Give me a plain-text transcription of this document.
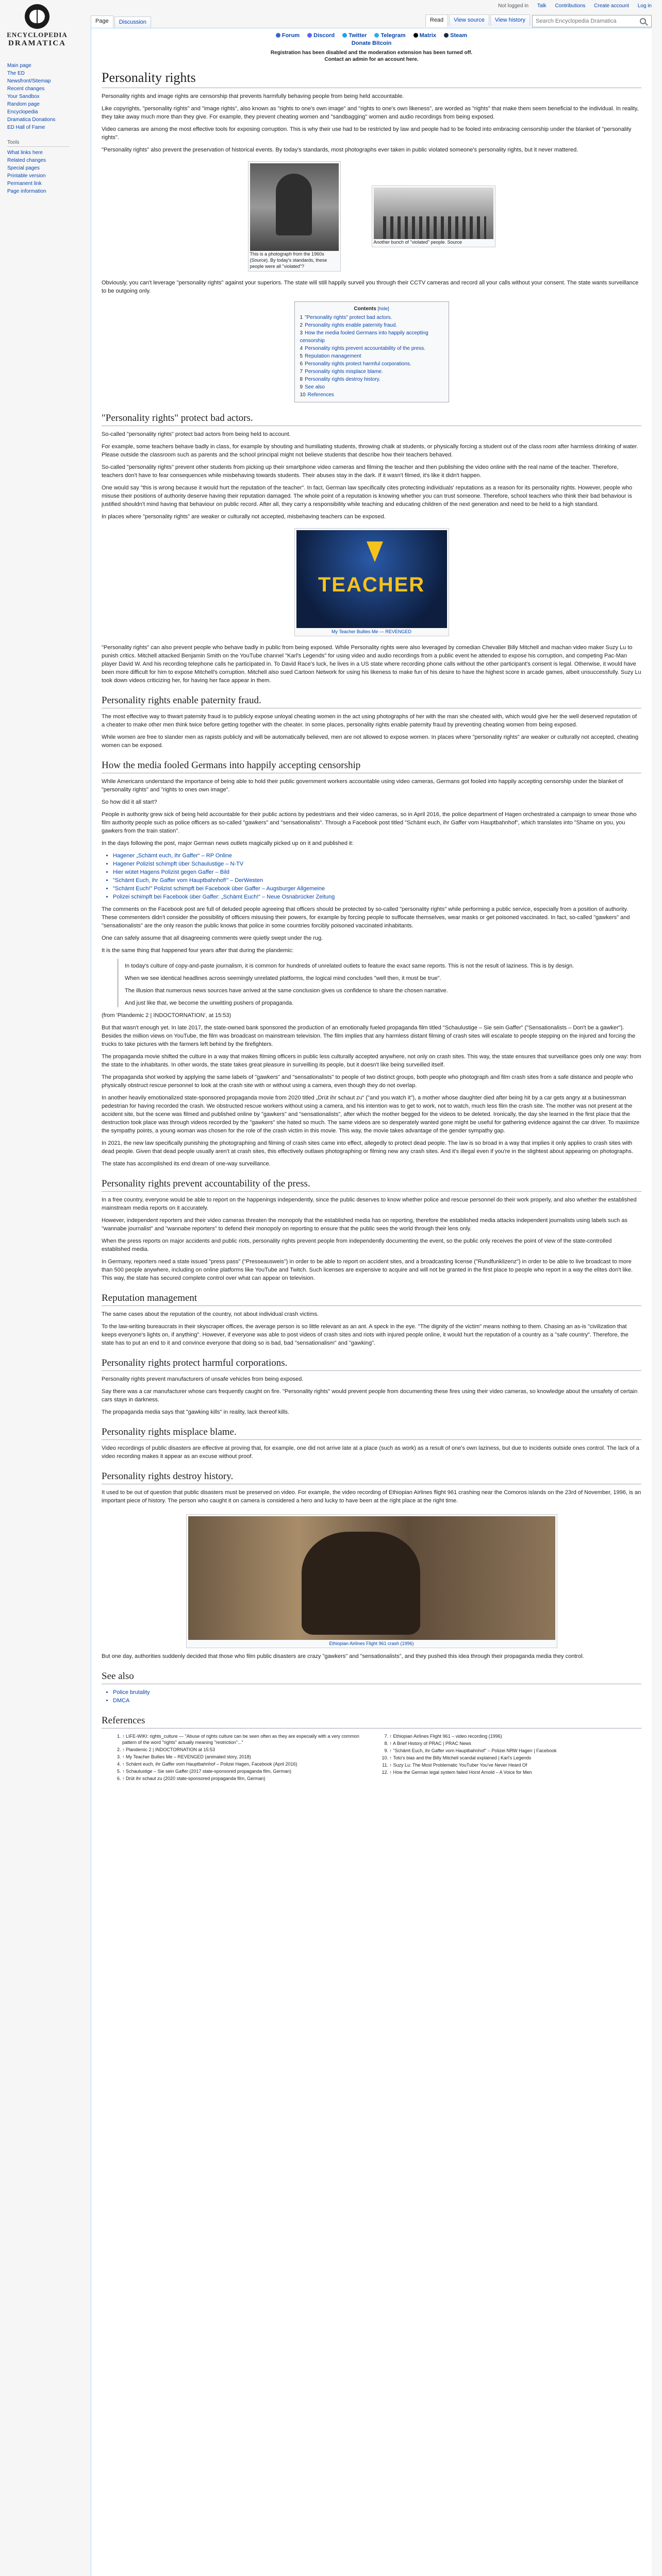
ENCYCLOPEDIA
DRAMATICA
Not logged in Talk Contributions Create account Log in
Page	Discussion	Read	View source	View history
Search Encyclopedia Dramatica
Main page
The ED
Newsfront/Sitemap
Recent changes
Your Sandbox
Random page
Encyclopedia
Dramatica Donations
ED Hall of Fame
Tools
What links here
Related changes
Special pages
Printable version
Permanent link
Page information
Forum Discord Twitter Telegram Matrix Steam
Donate Bitcoin
Registration has been disabled and the moderation extension has been turned off.
Contact an admin for an account here.
Personality rights

Personality rights and image rights are censorship that prevents harmfully behaving people from being held accountable.

Like copyrights, "personality rights" and "image rights", also known as "rights to one's own image" and "rights to one's own likeness", are worded as "rights" that make them seem beneficial to the individual. In reality, they take away much more than they give. For example, they prevent cheating women and "sandbagging" women and audio recordings from being exposed.

Video cameras are among the most effective tools for exposing corruption. This is why their use had to be restricted by law and people had to be fooled into embracing censorship under the blanket of "personality rights".

"Personality rights" also prevent the preservation of historical events. By today's standards, most photographs ever taken in public violated someone's personality rights, but it never mattered.

This is a photograph from the 1960s (Source). By today's standards, these people were all "violated"?
Another bunch of "violated" people. Source

Obviously, you can't leverage "personality rights" against your superiors. The state will still happily surveil you through their CCTV cameras and record all your calls without your consent. The state wants surveillance to be outgoing only.

Contents [hide]
1 "Personality rights" protect bad actors.
2 Personality rights enable paternity fraud.
3 How the media fooled Germans into happily accepting censorship
4 Personality rights prevent accountability of the press.
5 Reputation management
6 Personality rights protect harmful corporations.
7 Personality rights misplace blame.
8 Personality rights destroy history.
9 See also
10 References
"Personality rights" protect bad actors.

So-called "personality rights" protect bad actors from being held to account.

For example, some teachers behave badly in class, for example by shouting and humiliating students, throwing chalk at students, or physically forcing a student out of the class room after harmless drinking of water. Please outside the classroom such as parents and the school principal might not believe students that describe how their teachers behaved.

So-called "personality rights" prevent other students from picking up their smartphone video cameras and filming the teacher and then publishing the video online with the real name of the teacher. Therefore, teachers don't have to fear consequences while misbehaving towards students. Their abuses stay in the dark. If it wasn't filmed, it's like it didn't happen.

One would say "this is wrong because it would hurt the reputation of the teacher". In fact, German law specifically cites protecting individuals' reputations as a reason for its personality rights. However, people who misuse their positions of authority deserve having their reputation damaged. The whole point of a reputation is knowing whether you can trust someone. Therefore, school teachers who think their bad behaviour is justified shouldn't mind having that behaviour on public record. After all, they carry a responsibility while teaching and educating children of the next generation and need to be held to a high standard.

In places where "personality rights" are weaker or culturally not accepted, misbehaving teachers can be exposed.

TEACHER
My Teacher Bullies Me — REVENGED

"Personality rights" can also prevent people who behave badly in public from being exposed. While Personality rights were also leveraged by comedian Chevalier Billy Mitchell and machan video maker Suzy Lu to punish critics. Mitchell attacked Benjamin Smith on the YouTube channel "Karl's Legends" for using video and audio recordings from a public event he attended to expose his corruption, and competing Pac-Man player David W. And his recording telephone calls he participated in. To David Race's luck, he lives in a US state where recording phone calls without the other participant's consent is legal. Otherwise, it would have been more difficult for him to expose Mitchell's corruption. Mitchell also sued Cartoon Network for using his likeness to make fun of his desire to have the highest score in arcade games, albeit unsuccessfully. Suzy Lu took down videos criticizing her, for having her face appear in them.

Personality rights enable paternity fraud.

The most effective way to thwart paternity fraud is to publicly expose unloyal cheating women in the act using photographs of her with the man she cheated with, which would give her the well deserved reputation of a cheater to make other men think twice before getting together with the cheater. In some places, personality rights enable paternity fraud by preventing cheating women from being exposed.

While women are free to slander men as rapists publicly and will be automatically believed, men are not allowed to expose women. In places where "personality rights" are weaker or culturally not accepted, cheating women can be exposed.

How the media fooled Germans into happily accepting censorship

While Americans understand the importance of being able to hold their public government workers accountable using video cameras, Germans got fooled into happily accepting censorship under the blanket of "personality rights" and "rights to ones own image".

So how did it all start?

People in authority grew sick of being held accountable for their public actions by pedestrians and their video cameras, so in April 2016, the police department of Hagen orchestrated a campaign to smear those who film authority people such as police officers as so-called "gawkers" and "sensationalists". Through a Facebook post titled "Schämt euch, ihr Gaffer vom Hauptbahnhof", which translates into "Shame on you, you gawkers from the train station".

In the days following the post, major German news outlets magically picked up on it and published it:

• Hagener „Schämt euch, ihr Gaffer“ – RP Online
• Hagener Polizist schimpft über Schaulustige – N-TV
• Hier wütet Hagens Polizist gegen Gaffer – Bild
• "Schämt Euch, ihr Gaffer vom Hauptbahnhof!" – DerWesten
• "Schämt Euch!" Polizist schimpft bei Facebook über Gaffer – Augsburger Allgemeine
• Polizei schimpft bei Facebook über Gaffer: „Schämt Euch!“ – Neue Osnabrücker Zeitung

The comments on the Facebook post are full of deluded people agreeing that officers should be protected by so-called "personality rights" while performing a public service, especially from a position of authority. These commenters didn't consider the possibility of officers misusing their powers, for example by forcing people to suffocate themselves, wear masks or get poisoned vaccinated. In fact, so-called "gawkers" and "sensationalists" are the only reason the public knows that police in some countries forcibly poisoned vaccinated inhabitants.

One can safely assume that all disagreeing comments were quietly swept under the rug.

It is the same thing that happened four years after that during the plandemic:

In today's culture of copy-and-paste journalism, it is common for hundreds of unrelated outlets to feature the exact same reports. This is not the result of laziness. This is by design.

When we see identical headlines across seemingly unrelated platforms, the logical mind concludes "well then, it must be true".

The illusion that numerous news sources have arrived at the same conclusion gives us confidence to share the chosen narrative.

And just like that, we become the unwitting pushers of propaganda.

(from 'Plandemic 2 | INDOCTORNATION', at 15:53)

But that wasn't enough yet. In late 2017, the state-owned bank sponsored the production of an emotionally fueled propaganda film titled "Schaulustige – Sie sein Gaffer" ("Sensationalists – Don't be a gawker"). Besides the million views on YouTube, the film was broadcast on mainstream television. The film implies that any harmless distant filming of crash sites will escalate to people stepping on the injured and forcing the trucks to take pictures with the farmers left behind by the firefighters.

The propaganda movie shifted the culture in a way that makes filming officers in public less culturally accepted anywhere, not only on crash sites. This way, the state ensures that surveillance goes only one way: from the state to the inhabitants. In other words, the state takes great pleasure in surveilling its people, but it doesn't like being surveilled itself.

The propaganda shot worked by applying the same labels of "gawkers" and "sensationalists" to people of two distinct groups, both people who photograph and film crash sites from a safe distance and people who physically obstruct rescue personnel to look at the crash site with or without using a camera, even though they do not overlap.

In another heavily emotionalized state-sponsored propaganda movie from 2020 titled „Drüt ihr schaut zu“ ("and you watch it"), a mother whose daughter died after being hit by a car gets angry at a businessman pedestrian for having recorded the crash. We obstructed rescue workers without using a camera, and his intention was to get to work, not to watch, much less film the crash site. The mother was not present at the accident site, but the scene was filmed and published online by "gawkers" and "sensationalists", after which the mother begged for the videos to be deleted. Ironically, the day she learned in the first place that the destruction took place was through videos recorded by the "gawkers" she hated so much. The same videos are so desperately wanted gone might be useful for gathering evidence against the car driver. To maximize the sympathy points, a young woman was chosen for the role of the crash victim in this movie. This way, the movie takes advantage of the gender sympathy gap.

In 2021, the new law specifically punishing the photographing and filming of crash sites came into effect, allegedly to protect dead people. The law is so broad in a way that implies it only applies to crash sites with dead people. Given that dead people usually aren't at crash sites, this effectively outlaws photographing or filming new any crash sites. And it's illegal even if you're in the slightest about appearing on photographs.

The state has accomplished its end dream of one-way surveillance.

Personality rights prevent accountability of the press.

In a free country, everyone would be able to report on the happenings independently, since the public deserves to know whether police and rescue personnel do their work properly, and also whether the established mainstream media reports on it accurately.

However, independent reporters and their video cameras threaten the monopoly that the established media has on reporting, therefore the established media attacks independent journalists using labels such as "wannabe journalist" and "wannabe reporters" to defend their monopoly on reporting to ensure that the public sees the world through their lens only.

When the press reports on major accidents and public riots, personality rights prevent people from independently documenting the event, so the public only receives the point of view of the state-controlled established media.

In Germany, reporters need a state issued "press pass" ("Presseausweis") in order to be able to report on accident sites, and a broadcasting license ("Rundfunklizenz") in order to be able to live broadcast to more than 500 people anywhere, including on online platforms like YouTube and Twitch. Such licenses are expensive to acquire and will not be granted in the first place to people who report in a way the elites don't like. This way, the state has secured complete control over what can appear on television.

Reputation management

The same cases about the reputation of the country, not about individual crash victims.

To the law-writing bureaucrats in their skyscraper offices, the average person is so little relevant as an ant. A speck in the eye. "The dignity of the victim" means nothing to them. Chasing an as-is "civilization that keeps everyone's lights on, if anything". However, if everyone was able to post videos of crash sites and riots with injured people online, it would hurt the reputation of a country as a "safe country". Therefore, the state has to put an end to it and convince everyone that doing so is bad, bad "sensationalism" and "gawking".

Personality rights protect harmful corporations.

Personality rights prevent manufacturers of unsafe vehicles from being exposed.

Say there was a car manufacturer whose cars frequently caught on fire. "Personality rights" would prevent people from documenting these fires using their video cameras, so knowledge about the unsafety of certain cars stays in darkness.

The propaganda media says that "gawking kills" in reality, lack thereof kills.

Personality rights misplace blame.

Video recordings of public disasters are effective at proving that, for example, one did not arrive late at a place (such as work) as a result of one's own laziness, but due to incidents outside ones control. The lack of a video recording makes it appear as an excuse without proof.

Personality rights destroy history.

It used to be out of question that public disasters must be preserved on video. For example, the video recording of Ethiopian Airlines flight 961 crashing near the Comoros islands on the 23rd of November, 1996, is an important piece of history. The person who caught it on camera is considered a hero and lucky to have been at the right place at the right time.

Ethiopian Airlines Flight 961 crash (1996)

But one day, authorities suddenly decided that those who film public disasters are crazy "gawkers" and "sensationalists", and they pushed this idea through their propaganda media they control.

See also
• Police brutality
• DMCA
References
1. ↑ LIFE-WIKI: rights_culture — "Abuse of rights culture can be seen often as they are especially with a very common pattern of the word "rights" actually meaning "restriction"..."
2. ↑ Plandemic 2 | INDOCTORNATION at 15:53
3. ↑ My Teacher Bullies Me – REVENGED (animated story, 2018)
4. ↑ Schämt euch, ihr Gaffer vom Hauptbahnhof – Polizei Hagen, Facebook (April 2016)
5. ↑ Schaulustige – Sie sein Gaffer (2017 state-sponsored propaganda film, German)
6. ↑ Drüt ihr schaut zu (2020 state-sponsored propaganda film, German)
7. ↑ Ethiopian Airlines Flight 961 – video recording (1996)
8. ↑ A Brief History of PRAC | PRAC News
9. ↑ "Schämt Euch, ihr Gaffer vom Hauptbahnhof" – Polizei NRW Hagen | Facebook
10. ↑ Toto's bias and the Billy Mitchell scandal explained | Karl's Legends
11. ↑ Suzy Lu: The Most Problematic YouTuber You've Never Heard Of
12. ↑ How the German legal system failed Horst Arnold – A Voice for Men
